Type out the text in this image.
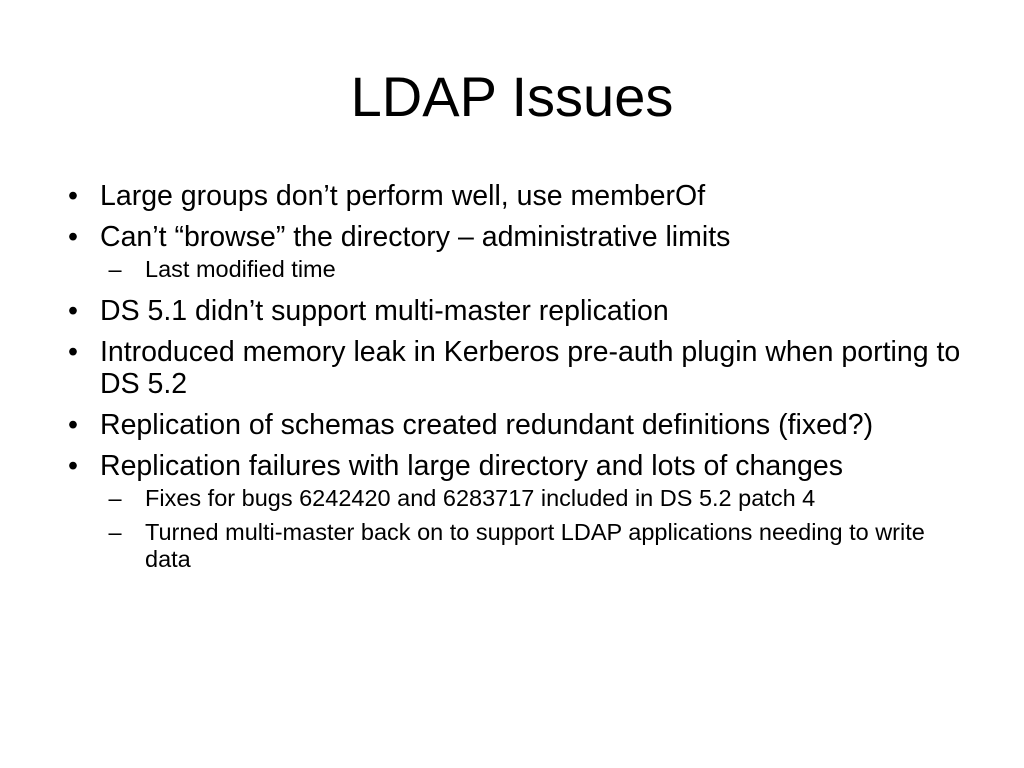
LDAP Issues
• Large groups don’t perform well, use memberOf
• Can’t “browse” the directory – administrative limits
– Last modified time
• DS 5.1 didn’t support multi-master replication
• Introduced memory leak in Kerberos pre-auth plugin when porting to DS 5.2
• Replication of schemas created redundant definitions (fixed?)
• Replication failures with large directory and lots of changes
– Fixes for bugs 6242420 and 6283717 included in DS 5.2 patch 4
– Turned multi-master back on to support LDAP applications needing to write data
